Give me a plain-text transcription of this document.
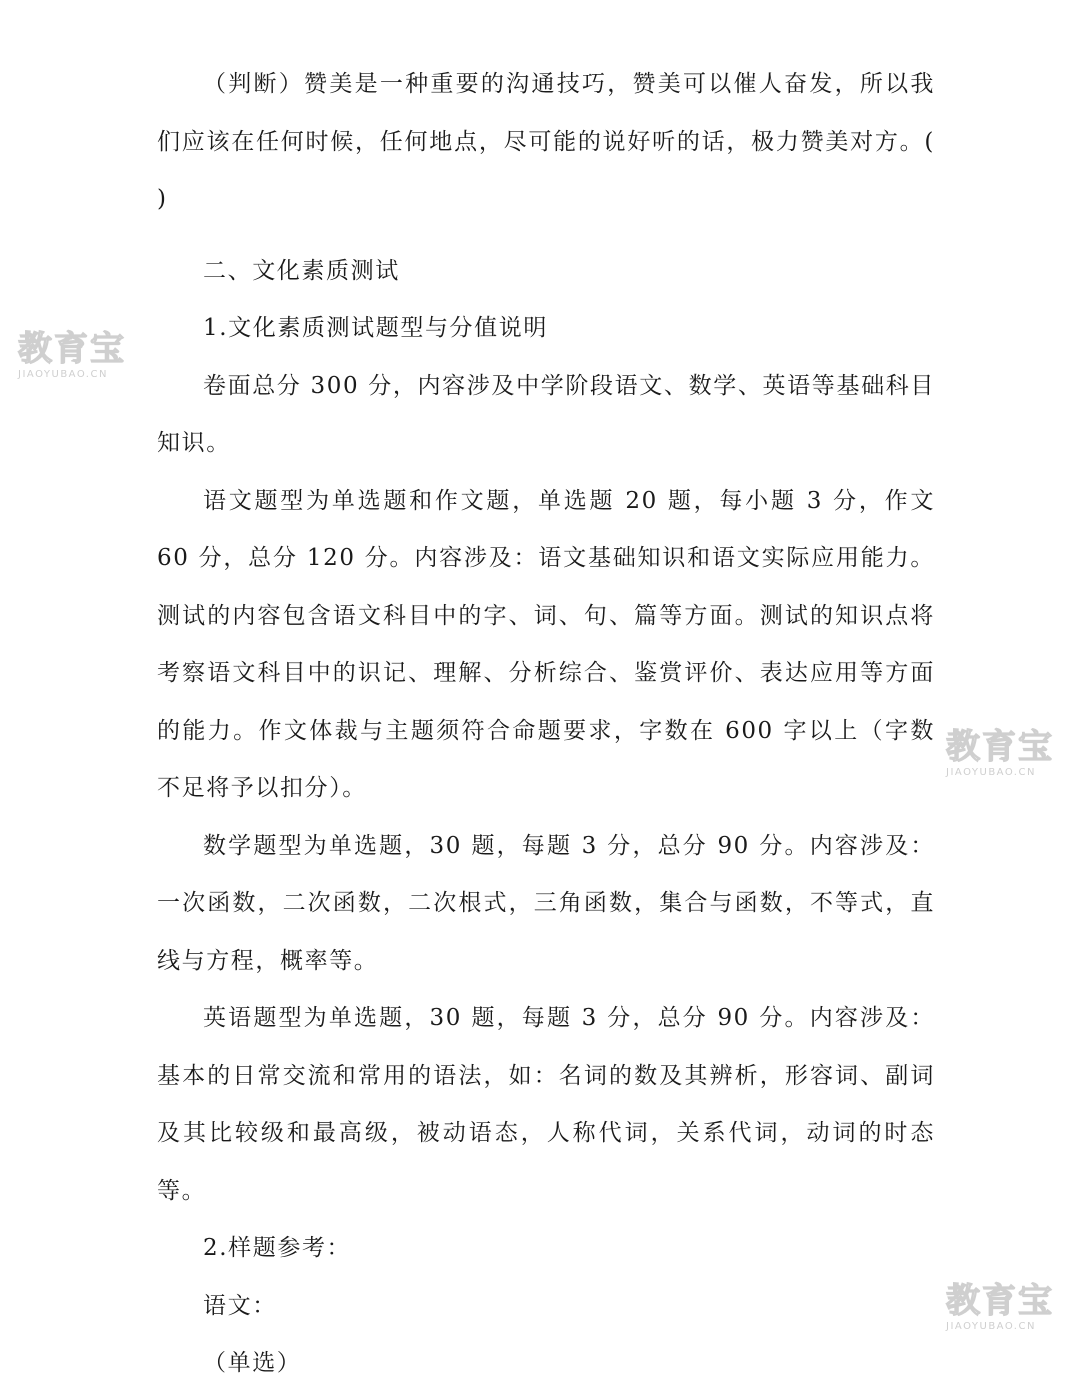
教育宝
JIAOYUBAO.CN
教育宝
JIAOYUBAO.CN
教育宝
JIAOYUBAO.CN

（判断）赞美是一种重要的沟通技巧，赞美可以催人奋发，所以我们应该在任何时候，任何地点，尽可能的说好听的话，极力赞美对方。( )

二、文化素质测试

1.文化素质测试题型与分值说明

卷面总分 300 分，内容涉及中学阶段语文、数学、英语等基础科目知识。

语文题型为单选题和作文题，单选题 20 题，每小题 3 分，作文 60 分，总分 120 分。内容涉及：语文基础知识和语文实际应用能力。测试的内容包含语文科目中的字、词、句、篇等方面。测试的知识点将考察语文科目中的识记、理解、分析综合、鉴赏评价、表达应用等方面的能力。作文体裁与主题须符合命题要求，字数在 600 字以上（字数不足将予以扣分）。

数学题型为单选题，30 题，每题 3 分，总分 90 分。内容涉及：一次函数，二次函数，二次根式，三角函数，集合与函数，不等式，直线与方程，概率等。

英语题型为单选题，30 题，每题 3 分，总分 90 分。内容涉及：基本的日常交流和常用的语法，如：名词的数及其辨析，形容词、副词及其比较级和最高级，被动语态，人称代词，关系代词，动词的时态等。

2.样题参考：

语文：

（单选）
